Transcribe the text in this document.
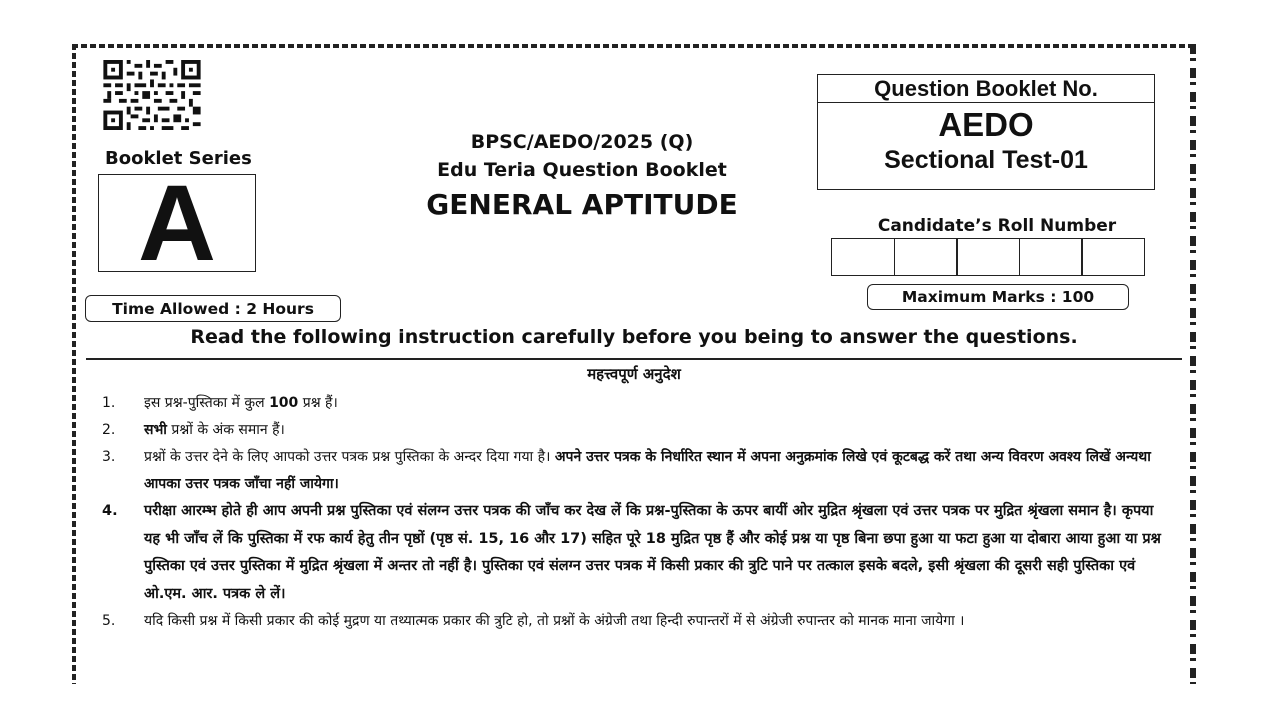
Booklet Series
A
BPSC/AEDO/2025 (Q)
Edu Teria Question Booklet
GENERAL APTITUDE
Question Booklet No.
AEDO
Sectional Test-01
Candidate’s Roll Number
Maximum Marks : 100
Time Allowed : 2 Hours
Read the following instruction carefully before you being to answer the questions.
महत्त्वपूर्ण अनुदेश
1.	इस प्रश्न-पुस्तिका में कुल 100 प्रश्न हैं।
2.	सभी प्रश्नों के अंक समान हैं।
3.	प्रश्नों के उत्तर देने के लिए आपको उत्तर पत्रक प्रश्न पुस्तिका के अन्दर दिया गया है। अपने उत्तर पत्रक के निर्धारित स्थान में अपना अनुक्रमांक लिखे एवं कूटबद्ध करें तथा अन्य विवरण अवश्य लिखें अन्यथा आपका उत्तर पत्रक जाँचा नहीं जायेगा।
4.	परीक्षा आरम्भ होते ही आप अपनी प्रश्न पुस्तिका एवं संलग्न उत्तर पत्रक की जाँच कर देख लें कि प्रश्न-पुस्तिका के ऊपर बायीं ओर मुद्रित श्रृंखला एवं उत्तर पत्रक पर मुद्रित श्रृंखला समान है। कृपया यह भी जाँच लें कि पुस्तिका में रफ कार्य हेतु तीन पृष्ठों (पृष्ठ सं. 15, 16 और 17) सहित पूरे 18 मुद्रित पृष्ठ हैं और कोई प्रश्न या पृष्ठ बिना छपा हुआ या फटा हुआ या दोबारा आया हुआ या प्रश्न पुस्तिका एवं उत्तर पुस्तिका में मुद्रित श्रृंखला में अन्तर तो नहीं है। पुस्तिका एवं संलग्न उत्तर पत्रक में किसी प्रकार की त्रुटि पाने पर तत्काल इसके बदले, इसी श्रृंखला की दूसरी सही पुस्तिका एवं ओ.एम. आर. पत्रक ले लें।
5.	यदि किसी प्रश्न में किसी प्रकार की कोई मुद्रण या तथ्यात्मक प्रकार की त्रुटि हो, तो प्रश्नों के अंग्रेजी तथा हिन्दी रुपान्तरों में से अंग्रेजी रुपान्तर को मानक माना जायेगा ।
